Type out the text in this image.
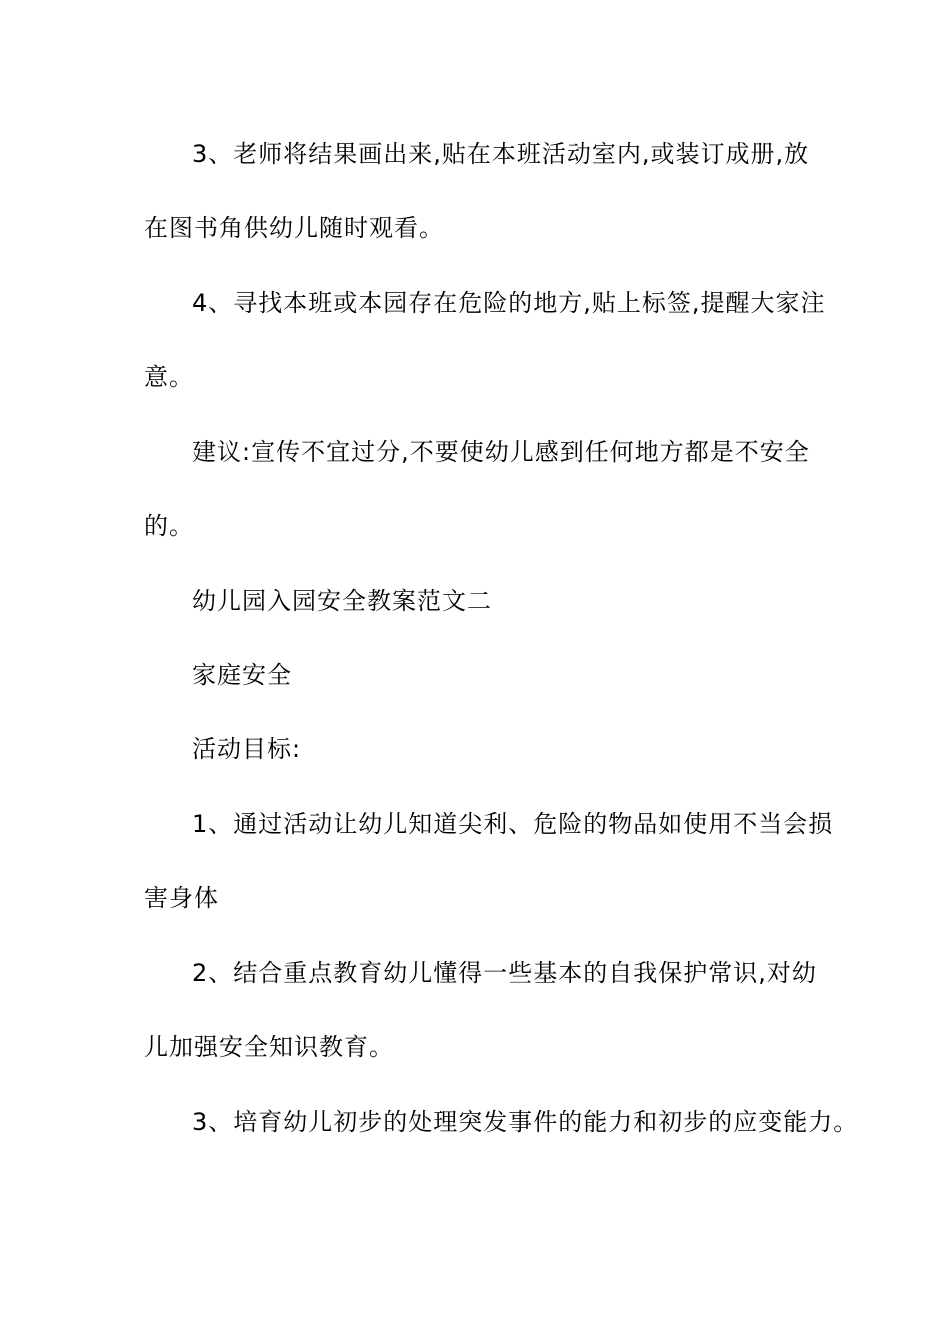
3、老师将结果画出来,贴在本班活动室内,或装订成册,放
在图书角供幼儿随时观看。
4、寻找本班或本园存在危险的地方,贴上标签,提醒大家注
意。
建议:宣传不宜过分,不要使幼儿感到任何地方都是不安全
的。
幼儿园入园安全教案范文二
家庭安全
活动目标:
1、通过活动让幼儿知道尖利、危险的物品如使用不当会损
害身体
2、结合重点教育幼儿懂得一些基本的自我保护常识,对幼
儿加强安全知识教育。
3、培育幼儿初步的处理突发事件的能力和初步的应变能力。
